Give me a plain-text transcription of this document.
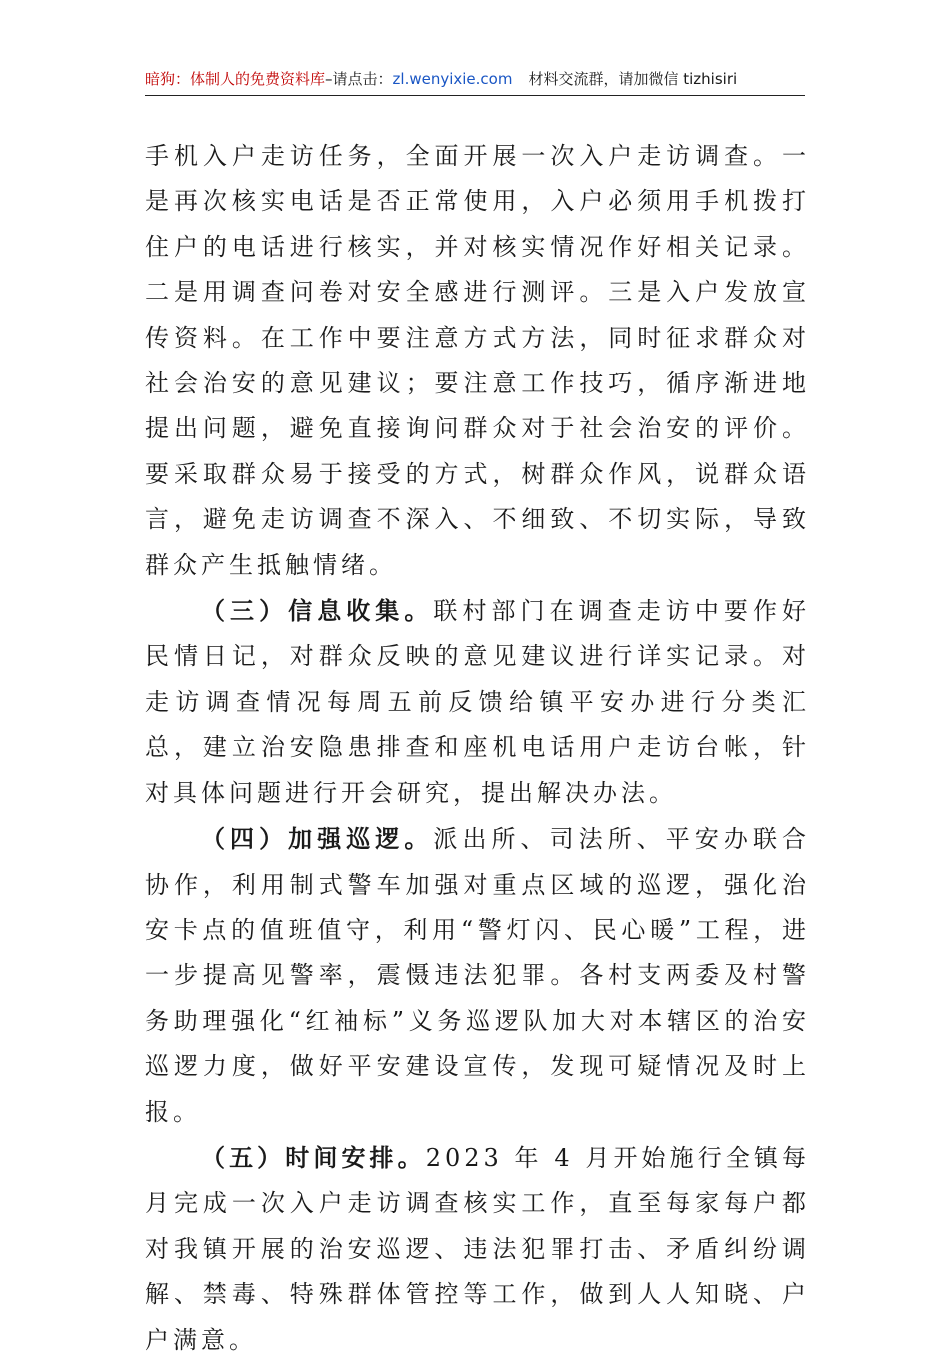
暗狗：体制人的免费资料库–请点击：zl.wenyixie.com 材料交流群，请加微信 tizhisiri

手机入户走访任务，全面开展一次入户走访调查。一是再次核实电话是否正常使用，入户必须用手机拨打住户的电话进行核实，并对核实情况作好相关记录。二是用调查问卷对安全感进行测评。三是入户发放宣传资料。在工作中要注意方式方法，同时征求群众对社会治安的意见建议；要注意工作技巧，循序渐进地提出问题，避免直接询问群众对于社会治安的评价。要采取群众易于接受的方式，树群众作风，说群众语言，避免走访调查不深入、不细致、不切实际，导致群众产生抵触情绪。

（三）信息收集。联村部门在调查走访中要作好民情日记，对群众反映的意见建议进行详实记录。对走访调查情况每周五前反馈给镇平安办进行分类汇总，建立治安隐患排查和座机电话用户走访台帐，针对具体问题进行开会研究，提出解决办法。

（四）加强巡逻。派出所、司法所、平安办联合协作，利用制式警车加强对重点区域的巡逻，强化治安卡点的值班值守，利用“警灯闪、民心暖”工程，进一步提高见警率，震慑违法犯罪。各村支两委及村警务助理强化“红袖标”义务巡逻队加大对本辖区的治安巡逻力度，做好平安建设宣传，发现可疑情况及时上报。

（五）时间安排。2023 年 4 月开始施行全镇每月完成一次入户走访调查核实工作，直至每家每户都对我镇开展的治安巡逻、违法犯罪打击、矛盾纠纷调解、禁毒、特殊群体管控等工作，做到人人知晓、户户满意。
